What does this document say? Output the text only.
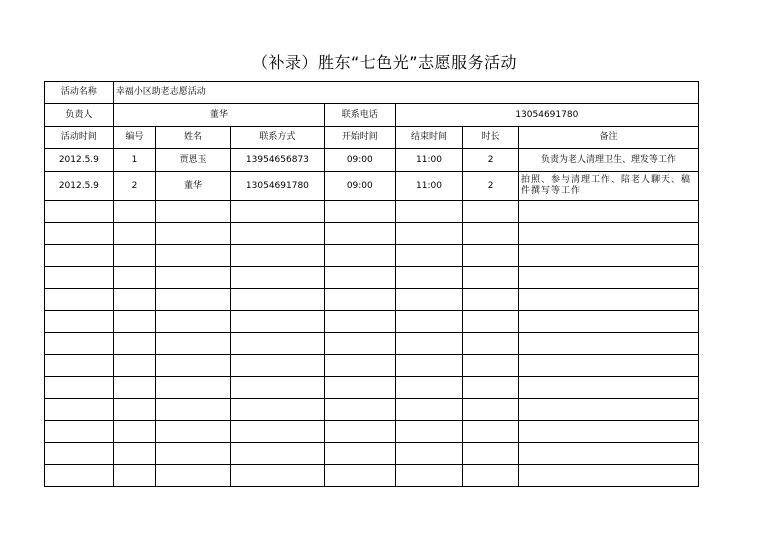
（补录）胜东“七色光”志愿服务活动
活动名称	幸福小区助老志愿活动						
负责人	董华			联系电话	13054691780		
活动时间	编号	姓名	联系方式	开始时间	结束时间	时长	备注
2012.5.9	1	贾恩玉	13954656873	09:00	11:00	2	负责为老人清理卫生、理发等工作
2012.5.9	2	董华	13054691780	09:00	11:00	2	拍照、参与清理工作、陪老人聊天、稿件撰写等工作
